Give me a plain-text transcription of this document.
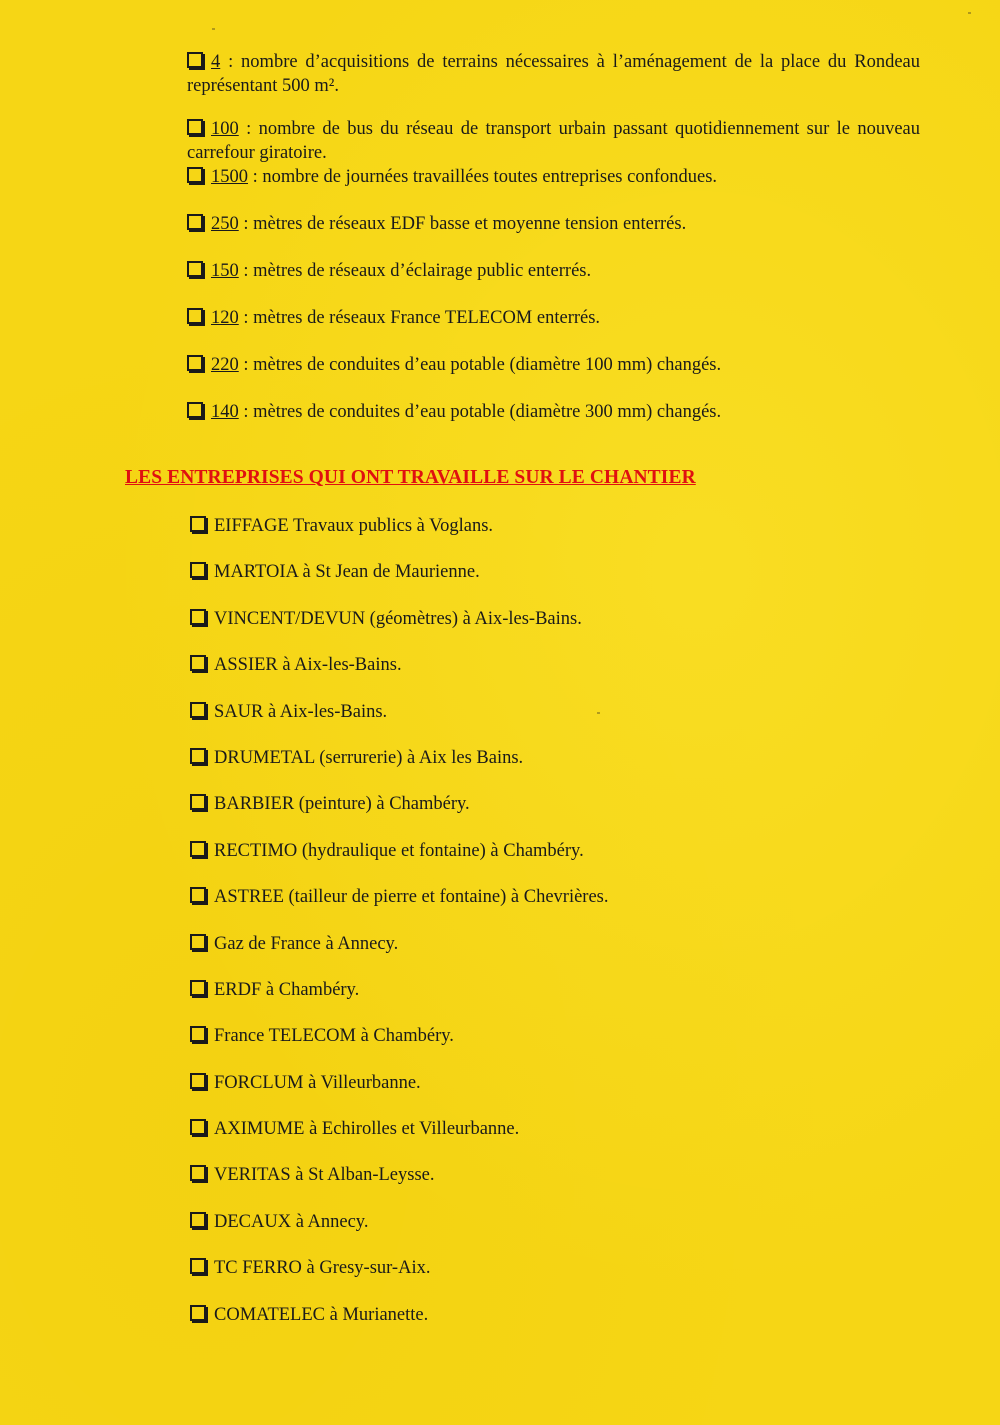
4 : nombre d’acquisitions de terrains nécessaires à l’aménagement de la place du Rondeau représentant 500 m².
100 : nombre de bus du réseau de transport urbain passant quotidiennement sur le nouveau carrefour giratoire.
1500 : nombre de journées travaillées toutes entreprises confondues.
250 : mètres de réseaux EDF basse et moyenne tension enterrés.
150 : mètres de réseaux d’éclairage public enterrés.
120 : mètres de réseaux France TELECOM enterrés.
220 : mètres de conduites d’eau potable (diamètre 100 mm) changés.
140 : mètres de conduites d’eau potable (diamètre 300 mm) changés.
LES ENTREPRISES QUI ONT TRAVAILLE SUR LE CHANTIER
EIFFAGE Travaux publics à Voglans.
MARTOIA à St Jean de Maurienne.
VINCENT/DEVUN (géomètres) à Aix-les-Bains.
ASSIER à Aix-les-Bains.
SAUR à Aix-les-Bains.
DRUMETAL (serrurerie) à Aix les Bains.
BARBIER (peinture) à Chambéry.
RECTIMO (hydraulique et fontaine) à Chambéry.
ASTREE (tailleur de pierre et fontaine) à Chevrières.
Gaz de France à Annecy.
ERDF à Chambéry.
France TELECOM à Chambéry.
FORCLUM à Villeurbanne.
AXIMUME à Echirolles et Villeurbanne.
VERITAS à St Alban-Leysse.
DECAUX à Annecy.
TC FERRO à Gresy-sur-Aix.
COMATELEC à Murianette.
